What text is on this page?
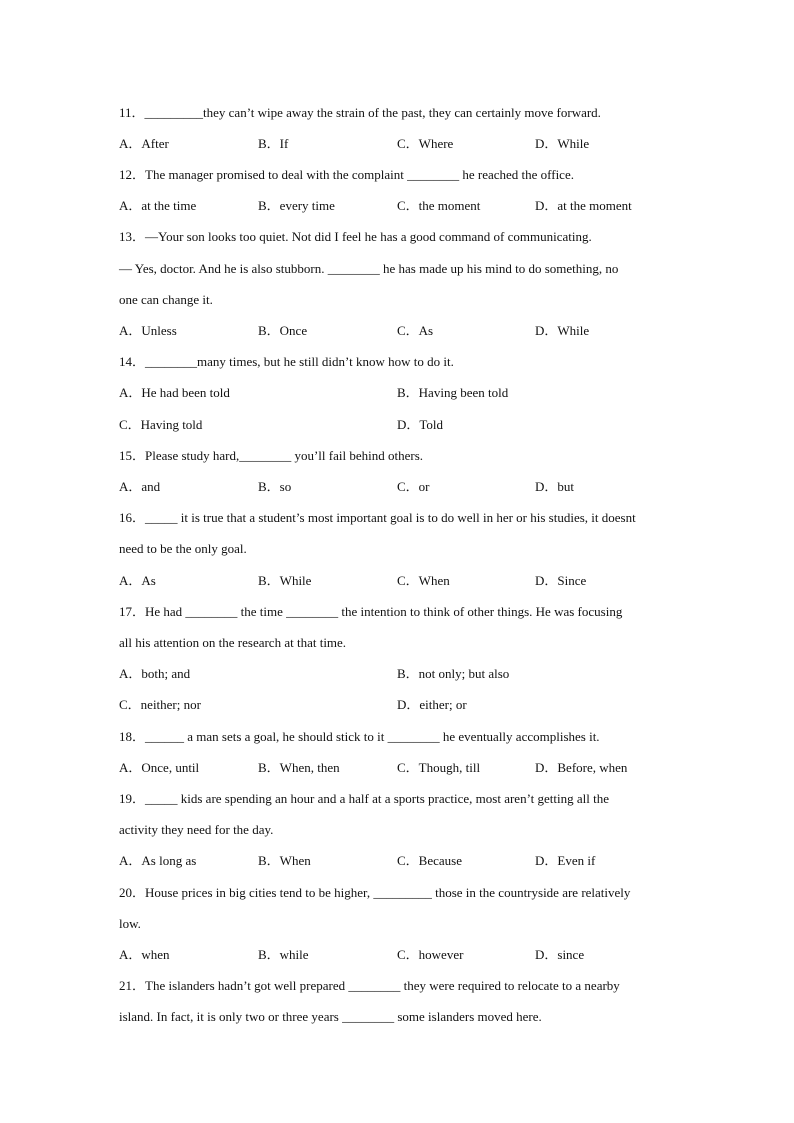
11．_________they can’t wipe away the strain of the past, they can certainly move forward.
A．After	B．If	C．Where	D．While
12．The manager promised to deal with the complaint ________ he reached the office.
A．at the time	B．every time	C．the moment	D．at the moment
13．—Your son looks too quiet. Not did I feel he has a good command of communicating.
— Yes, doctor. And he is also stubborn. ________ he has made up his mind to do something, no
one can change it.
A．Unless	B．Once	C．As	D．While
14．________many times, but he still didn’t know how to do it.
A．He had been told	B．Having been told
C．Having told	D．Told
15．Please study hard,________ you’ll fail behind others.
A．and	B．so	C．or	D．but
16．_____ it is true that a student’s most important goal is to do well in her or his studies, it doesnt
need to be the only goal.
A．As	B．While	C．When	D．Since
17．He had ________ the time ________ the intention to think of other things. He was focusing
all his attention on the research at that time.
A．both; and	B．not only; but also
C．neither; nor	D．either; or
18．______ a man sets a goal, he should stick to it ________ he eventually accomplishes it.
A．Once, until	B．When, then	C．Though, till	D．Before, when
19．_____ kids are spending an hour and a half at a sports practice, most aren’t getting all the
activity they need for the day.
A．As long as	B．When	C．Because	D．Even if
20．House prices in big cities tend to be higher, _________ those in the countryside are relatively
low.
A．when	B．while	C．however	D．since
21．The islanders hadn’t got well prepared ________ they were required to relocate to a nearby
island. In fact, it is only two or three years ________ some islanders moved here.
